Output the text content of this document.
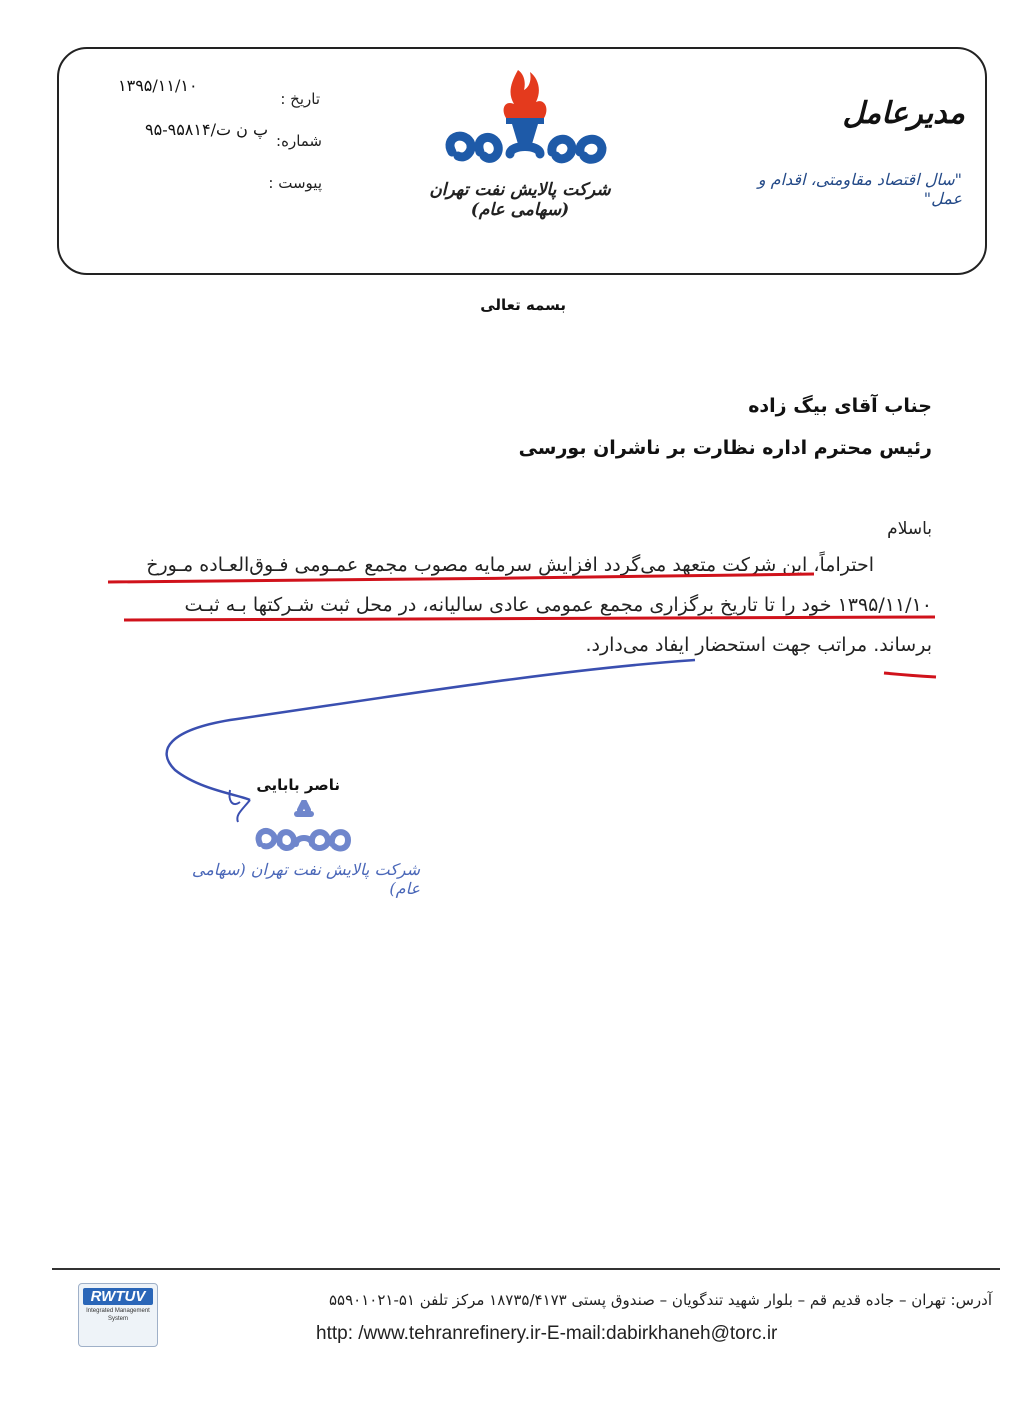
۱۳۹۵/۱۱/۱۰
تاریخ :
پ ن ت/۹۵۸۱۴-۹۵
شماره:
پیوست :	شرکت پالایش نفت تهران (سهامی عام)
مدیرعامل
"سال اقتصاد مقاومتی، اقدام و عمل"
بسمه تعالی
جناب آقای بیگ زاده
رئیس محترم اداره نظارت بر ناشران بورسی
باسلام
احتراماً، این شرکت متعهد می‌گردد افزایش سرمایه مصوب مجمع عمـومی فـوق‌العـاده مـورخ
۱۳۹۵/۱۱/۱۰ خود را تا تاریخ برگزاری مجمع عمومی عادی سالیانه، در محل ثبت شـرکتها بـه ثبـت
برساند. مراتب جهت استحضار ایفاد می‌دارد.
ناصر بابایی
شرکت پالایش نفت تهران (سهامی عام)
RWTUV
Integrated Management System
آدرس: تهران – جاده قدیم قم – بلوار شهید تندگویان – صندوق پستی ۱۸۷۳۵/۴۱۷۳ مرکز تلفن ۵۱-۵۵۹۰۱۰۲۱
http: /www.tehranrefinery.ir-E-mail:dabirkhaneh@torc.ir
